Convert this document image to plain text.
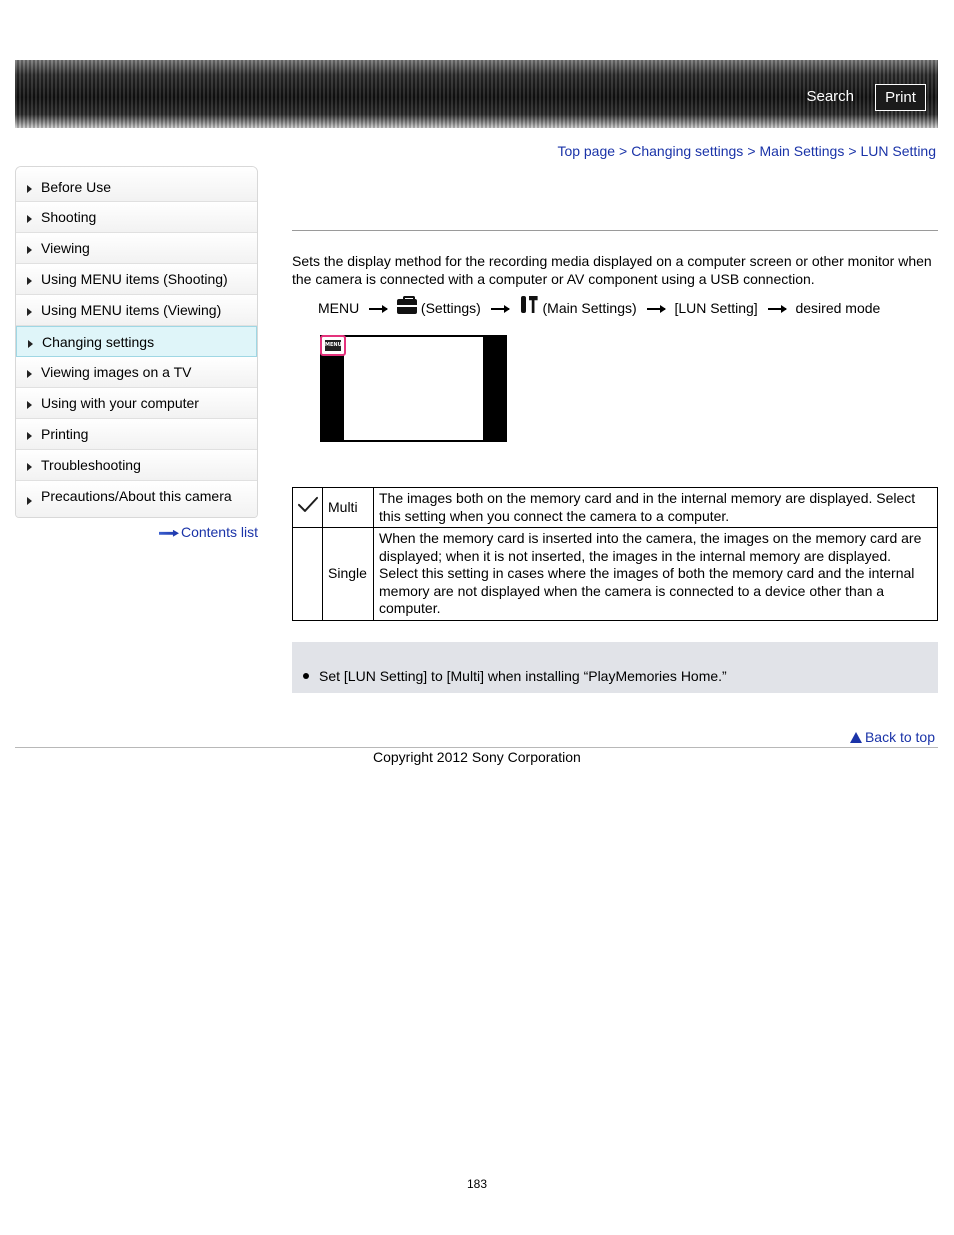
Search	Print
Top page > Changing settings > Main Settings > LUN Setting
Before Use
Shooting
Viewing
Using MENU items (Shooting)
Using MENU items (Viewing)
Changing settings
Viewing images on a TV
Using with your computer
Printing
Troubleshooting
Precautions/About this camera
Contents list
Sets the display method for the recording media displayed on a computer screen or other monitor when the camera is connected with a computer or AV component using a USB connection.
MENU	(Settings)	(Main Settings)	[LUN Setting]	desired mode
MENU
	Multi	The images both on the memory card and in the internal memory are displayed. Select this setting when you connect the camera to a computer.
	Single	When the memory card is inserted into the camera, the images on the memory card are displayed; when it is not inserted, the images in the internal memory are displayed. Select this setting in cases where the images of both the memory card and the internal memory are not displayed when the camera is connected to a device other than a computer.
Set [LUN Setting] to [Multi] when installing “PlayMemories Home.”
Back to top
Copyright 2012 Sony Corporation
183
